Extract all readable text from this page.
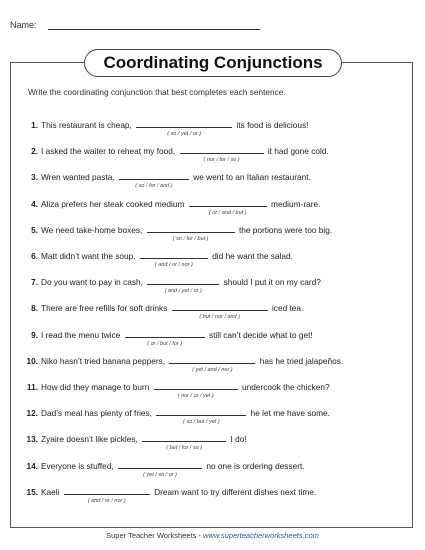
Name:
Coordinating Conjunctions
Write the coordinating conjunction that best completes each sentence.
1. This restaurant is cheap,	its food is delicious!
( so / yet / or )
2. I asked the waiter to reheat my food,	it had gone cold.
( nor / for / so )
3. Wren wanted pasta,	we went to an Italian restaurant.
( so / for / and )
4. Aliza prefers her steak cooked medium	medium-rare.
( or / and / but )
5. We need take-home boxes,	the portions were too big.
( so / for / but )
6. Matt didn’t want the soup,	did he want the salad.
( and / or / nor )
7. Do you want to pay in cash,	should I put it on my card?
( and / yet / or )
8. There are free refills for soft drinks	iced tea.
( but / nor / and )
9. I read the menu twice	still can’t decide what to get!
( or / but / for )
10. Niko hasn’t tried banana peppers,	has he tried jalapeños.
( yet / and / nor )
11. How did they manage to burn	undercook the chicken?
( nor / or / yet )
12. Dad’s meal has plenty of fries,	he let me have some.
( so / but / yet )
13. Zyaire doesn’t like pickles,	I do!
( but / for / so )
14. Everyone is stuffed,	no one is ordering dessert.
( yet / so / or )
15. Kaeli	Dream want to try different dishes next time.
( and / or / nor )
Super Teacher Worksheets - www.superteacherworksheets.com
